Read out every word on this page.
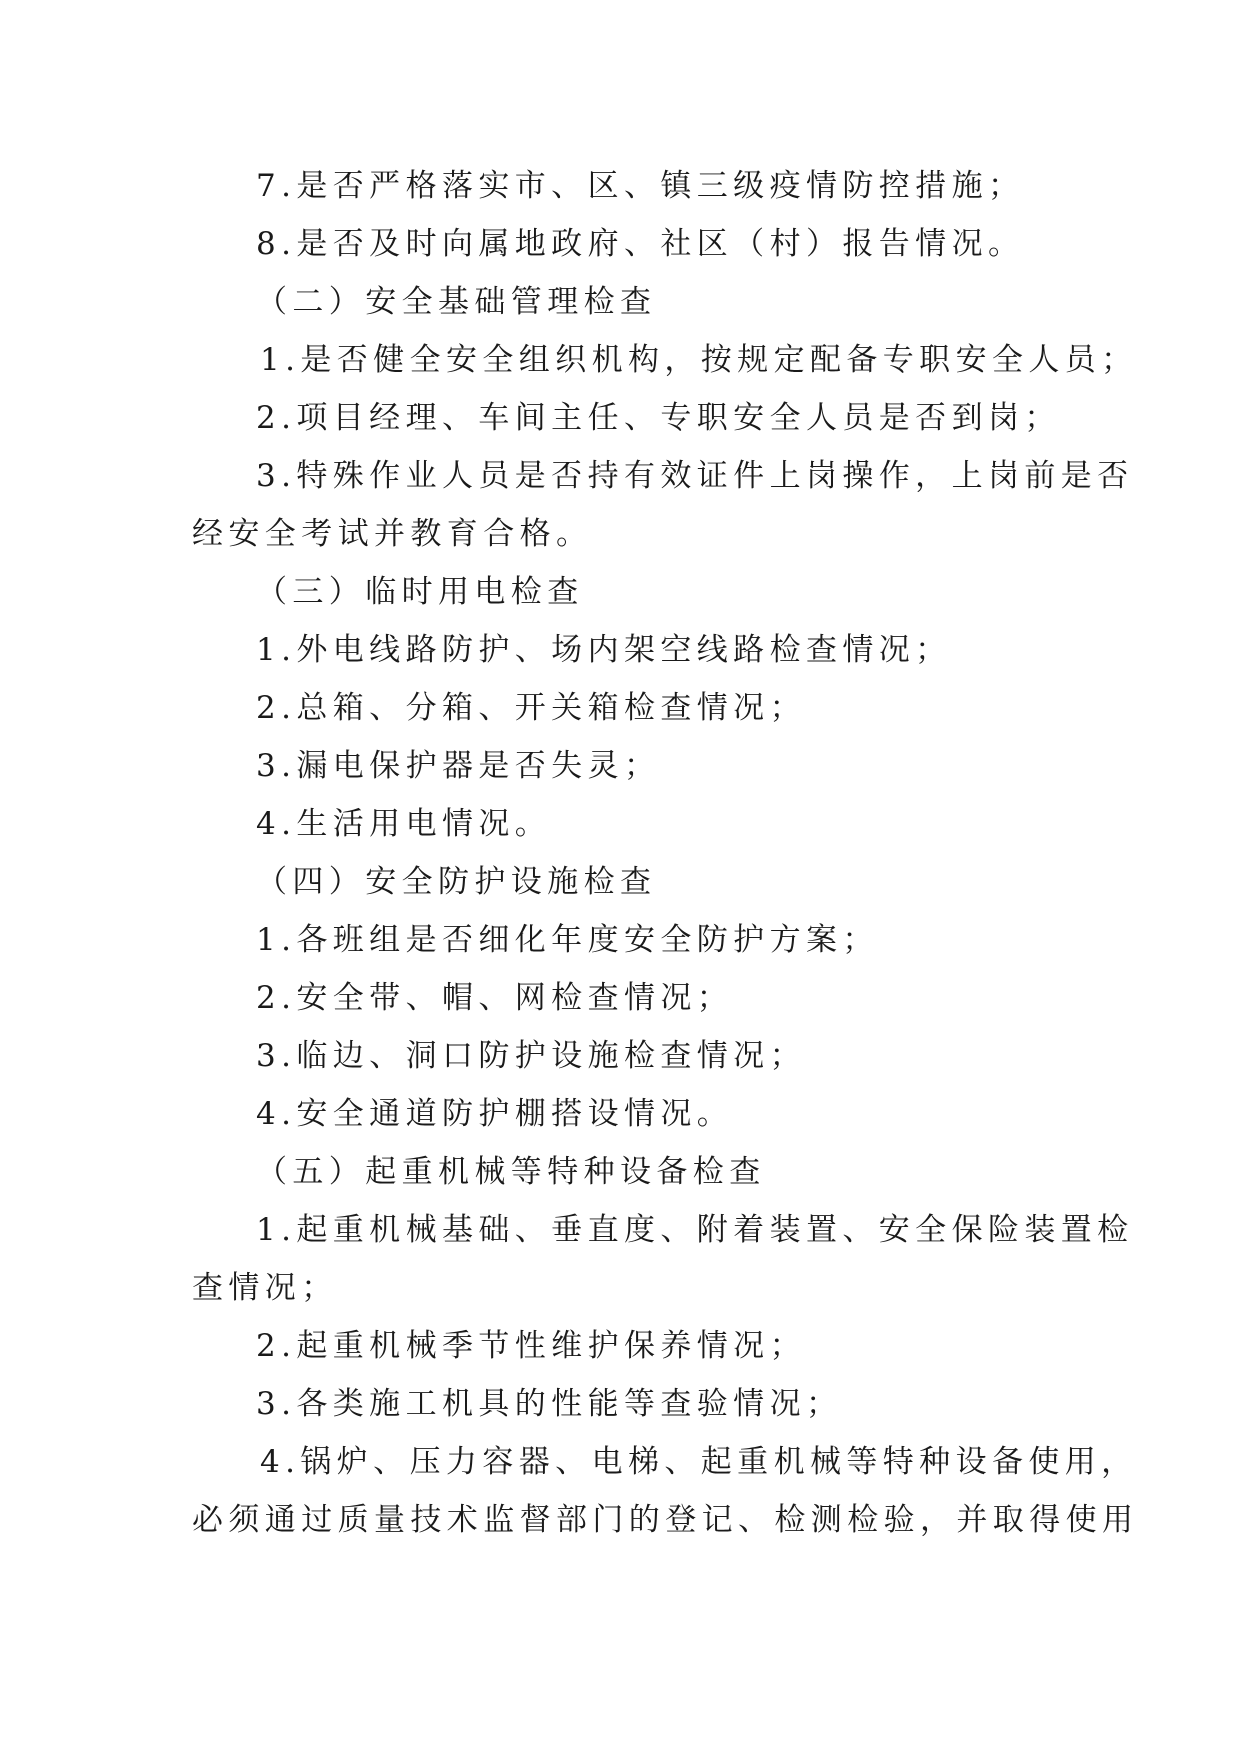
7.是否严格落实市、区、镇三级疫情防控措施；
8.是否及时向属地政府、社区（村）报告情况。
（二）安全基础管理检查
1.是否健全安全组织机构，按规定配备专职安全人员；
2.项目经理、车间主任、专职安全人员是否到岗；
3.特殊作业人员是否持有效证件上岗操作，上岗前是否
经安全考试并教育合格。
（三）临时用电检查
1.外电线路防护、场内架空线路检查情况；
2.总箱、分箱、开关箱检查情况；
3.漏电保护器是否失灵；
4.生活用电情况。
（四）安全防护设施检查
1.各班组是否细化年度安全防护方案；
2.安全带、帽、网检查情况；
3.临边、洞口防护设施检查情况；
4.安全通道防护棚搭设情况。
（五）起重机械等特种设备检查
1.起重机械基础、垂直度、附着装置、安全保险装置检
查情况；
2.起重机械季节性维护保养情况；
3.各类施工机具的性能等查验情况；
4.锅炉、压力容器、电梯、起重机械等特种设备使用，
必须通过质量技术监督部门的登记、检测检验，并取得使用
